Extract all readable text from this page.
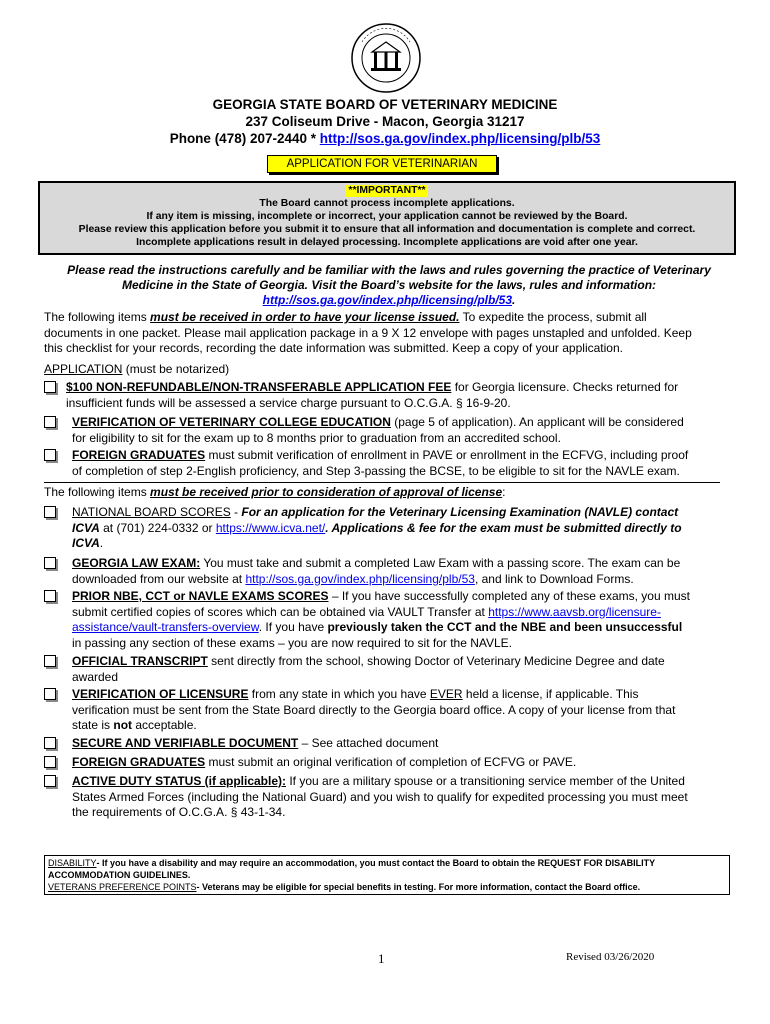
GEORGIA STATE BOARD OF VETERINARY MEDICINE
237 Coliseum Drive - Macon, Georgia 31217
Phone (478) 207-2440 * http://sos.ga.gov/index.php/licensing/plb/53
APPLICATION FOR VETERINARIAN
**IMPORTANT**
The Board cannot process incomplete applications.
If any item is missing, incomplete or incorrect, your application cannot be reviewed by the Board.
Please review this application before you submit it to ensure that all information and documentation is complete and correct.
Incomplete applications result in delayed processing. Incomplete applications are void after one year.
Please read the instructions carefully and be familiar with the laws and rules governing the practice of Veterinary
Medicine in the State of Georgia. Visit the Board’s website for the laws, rules and information:
http://sos.ga.gov/index.php/licensing/plb/53.
The following items must be received in order to have your license issued. To expedite the process, submit all
documents in one packet. Please mail application package in a 9 X 12 envelope with pages unstapled and unfolded. Keep
this checklist for your records, recording the date information was submitted. Keep a copy of your application.
APPLICATION (must be notarized)
$100 NON-REFUNDABLE/NON-TRANSFERABLE APPLICATION FEE for Georgia licensure. Checks returned for
insufficient funds will be assessed a service charge pursuant to O.C.G.A. § 16-9-20.
VERIFICATION OF VETERINARY COLLEGE EDUCATION (page 5 of application). An applicant will be considered
for eligibility to sit for the exam up to 8 months prior to graduation from an accredited school.
FOREIGN GRADUATES must submit verification of enrollment in PAVE or enrollment in the ECFVG, including proof
of completion of step 2-English proficiency, and Step 3-passing the BCSE, to be eligible to sit for the NAVLE exam.
The following items must be received prior to consideration of approval of license:
NATIONAL BOARD SCORES - For an application for the Veterinary Licensing Examination (NAVLE) contact
ICVA at (701) 224-0332 or https://www.icva.net/. Applications & fee for the exam must be submitted directly to
ICVA.
GEORGIA LAW EXAM: You must take and submit a completed Law Exam with a passing score. The exam can be
downloaded from our website at http://sos.ga.gov/index.php/licensing/plb/53, and link to Download Forms.
PRIOR NBE, CCT or NAVLE EXAMS SCORES – If you have successfully completed any of these exams, you must
submit certified copies of scores which can be obtained via VAULT Transfer at https://www.aavsb.org/licensure-
assistance/vault-transfers-overview. If you have previously taken the CCT and the NBE and been unsuccessful
in passing any section of these exams – you are now required to sit for the NAVLE.
OFFICIAL TRANSCRIPT sent directly from the school, showing Doctor of Veterinary Medicine Degree and date
awarded
VERIFICATION OF LICENSURE from any state in which you have EVER held a license, if applicable. This
verification must be sent from the State Board directly to the Georgia board office. A copy of your license from that
state is not acceptable.
SECURE AND VERIFIABLE DOCUMENT – See attached document
FOREIGN GRADUATES must submit an original verification of completion of ECFVG or PAVE.
ACTIVE DUTY STATUS (if applicable): If you are a military spouse or a transitioning service member of the United
States Armed Forces (including the National Guard) and you wish to qualify for expedited processing you must meet
the requirements of O.C.G.A. § 43-1-34.
DISABILITY- If you have a disability and may require an accommodation, you must contact the Board to obtain the REQUEST FOR DISABILITY
ACCOMMODATION GUIDELINES.
VETERANS PREFERENCE POINTS- Veterans may be eligible for special benefits in testing. For more information, contact the Board office.
1	Revised 03/26/2020
